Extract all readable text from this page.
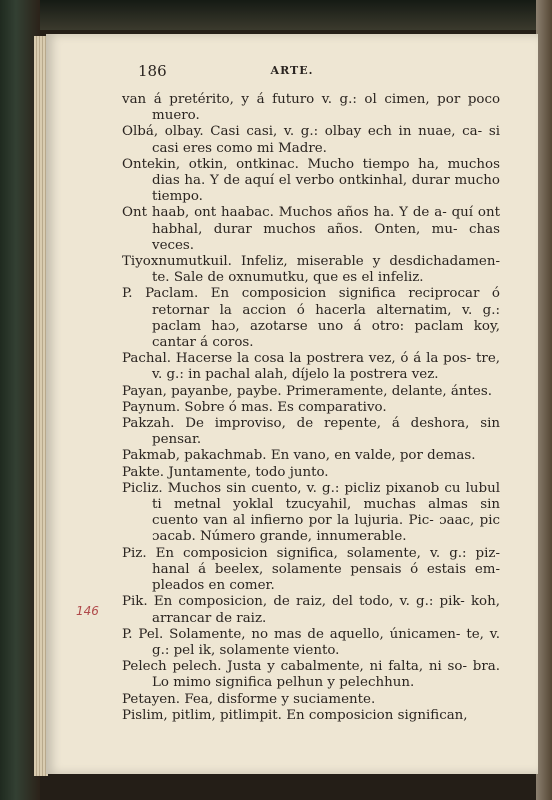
186	ARTE.

van á pretérito, y á futuro v. g.: ol cimen, por poco muero.

Olbá, olbay. Casi casi, v. g.: olbay ech in nuae, ca- si casi eres como mi Madre.

Ontekin, otkin, ontkinac. Mucho tiempo ha, muchos dias ha. Y de aquí el verbo ontkinhal, durar mucho tiempo.

Ont haab, ont haabac. Muchos años ha. Y de a- quí ont habhal, durar muchos años. Onten, mu- chas veces.

Tiyoxnumutkuil. Infeliz, miserable y desdichadamen- te. Sale de oxnumutku, que es el infeliz.

P. Paclam. En composicion significa reciprocar ó retornar la accion ó hacerla alternatim, v. g.: paclam haɔ, azotarse uno á otro: paclam koy, cantar á coros.

Pachal. Hacerse la cosa la postrera vez, ó á la pos- tre, v. g.: in pachal alah, díjelo la postrera vez.

Payan, payanbe, paybe. Primeramente, delante, ántes.

Paynum. Sobre ó mas. Es comparativo.

Pakzah. De improviso, de repente, á deshora, sin pensar.

Pakmab, pakachmab. En vano, en valde, por demas.

Pakte. Juntamente, todo junto.

Picliz. Muchos sin cuento, v. g.: picliz pixanob cu lubul ti metnal yoklal tzucyahil, muchas almas sin cuento van al infierno por la lujuria. Pic- ɔaac, pic ɔacab. Número grande, innumerable.

Piz. En composicion significa, solamente, v. g.: piz- hanal á beelex, solamente pensais ó estais em- pleados en comer.

Pik. En composicion, de raiz, del todo, v. g.: pik- koh, arrancar de raiz.

P. Pel. Solamente, no mas de aquello, únicamen- te, v. g.: pel ik, solamente viento.

Pelech pelech. Justa y cabalmente, ni falta, ni so- bra. Lo mimo significa pelhun y pelechhun.

Petayen. Fea, disforme y suciamente.

Pislim, pitlim, pitlimpit. En composicion significan,

146
